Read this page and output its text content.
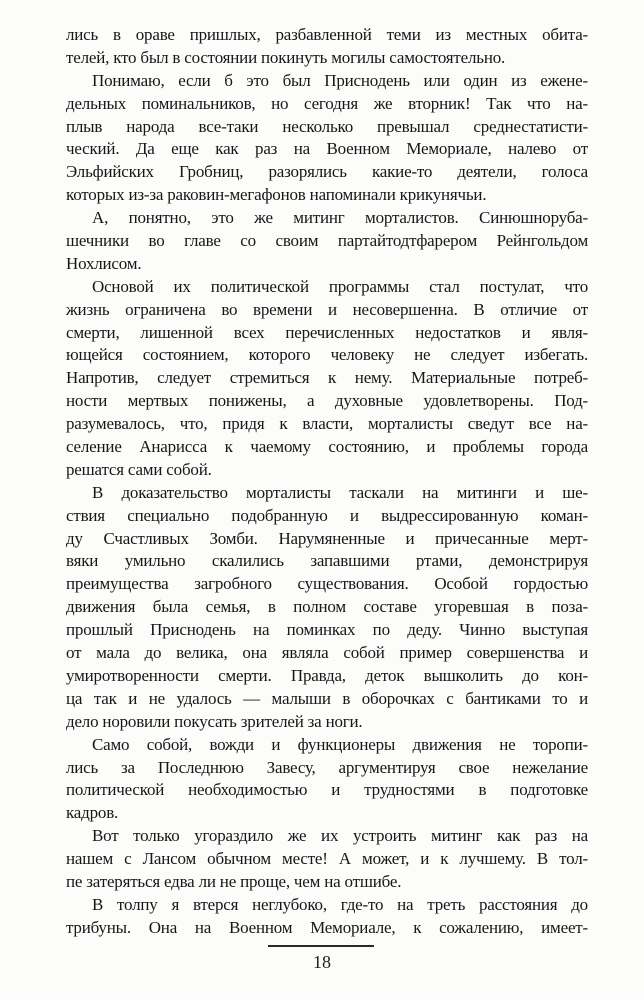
лись в ораве пришлых, разбавленной теми из местных обита-
телей, кто был в состоянии покинуть могилы самостоятельно.
Понимаю, если б это был Приснодень или один из ежене-
дельных поминальников, но сегодня же вторник! Так что на-
плыв народа все-таки несколько превышал среднестатисти-
ческий. Да еще как раз на Военном Мемориале, налево от
Эльфийских Гробниц, разорялись какие-то деятели, голоса
которых из-за раковин-мегафонов напоминали крикунячьи.
А, понятно, это же митинг морталистов. Синюшноруба-
шечники во главе со своим партайтодтфарером Рейнгольдом
Нохлисом.
Основой их политической программы стал постулат, что
жизнь ограничена во времени и несовершенна. В отличие от
смерти, лишенной всех перечисленных недостатков и явля-
ющейся состоянием, которого человеку не следует избегать.
Напротив, следует стремиться к нему. Материальные потреб-
ности мертвых понижены, а духовные удовлетворены. Под-
разумевалось, что, придя к власти, морталисты сведут все на-
селение Анарисса к чаемому состоянию, и проблемы города
решатся сами собой.
В доказательство морталисты таскали на митинги и ше-
ствия специально подобранную и выдрессированную коман-
ду Счастливых Зомби. Нарумяненные и причесанные мерт-
вяки умильно скалились запавшими ртами, демонстрируя
преимущества загробного существования. Особой гордостью
движения была семья, в полном составе угоревшая в поза-
прошлый Приснодень на поминках по деду. Чинно выступая
от мала до велика, она являла собой пример совершенства и
умиротворенности смерти. Правда, деток вышколить до кон-
ца так и не удалось — малыши в оборочках с бантиками то и
дело норовили покусать зрителей за ноги.
Само собой, вожди и функционеры движения не торопи-
лись за Последнюю Завесу, аргументируя свое нежелание
политической необходимостью и трудностями в подготовке
кадров.
Вот только угораздило же их устроить митинг как раз на
нашем с Лансом обычном месте! А может, и к лучшему. В тол-
пе затеряться едва ли не проще, чем на отшибе.
В толпу я втерся неглубоко, где-то на треть расстояния до
трибуны. Она на Военном Мемориале, к сожалению, имеет-
18
